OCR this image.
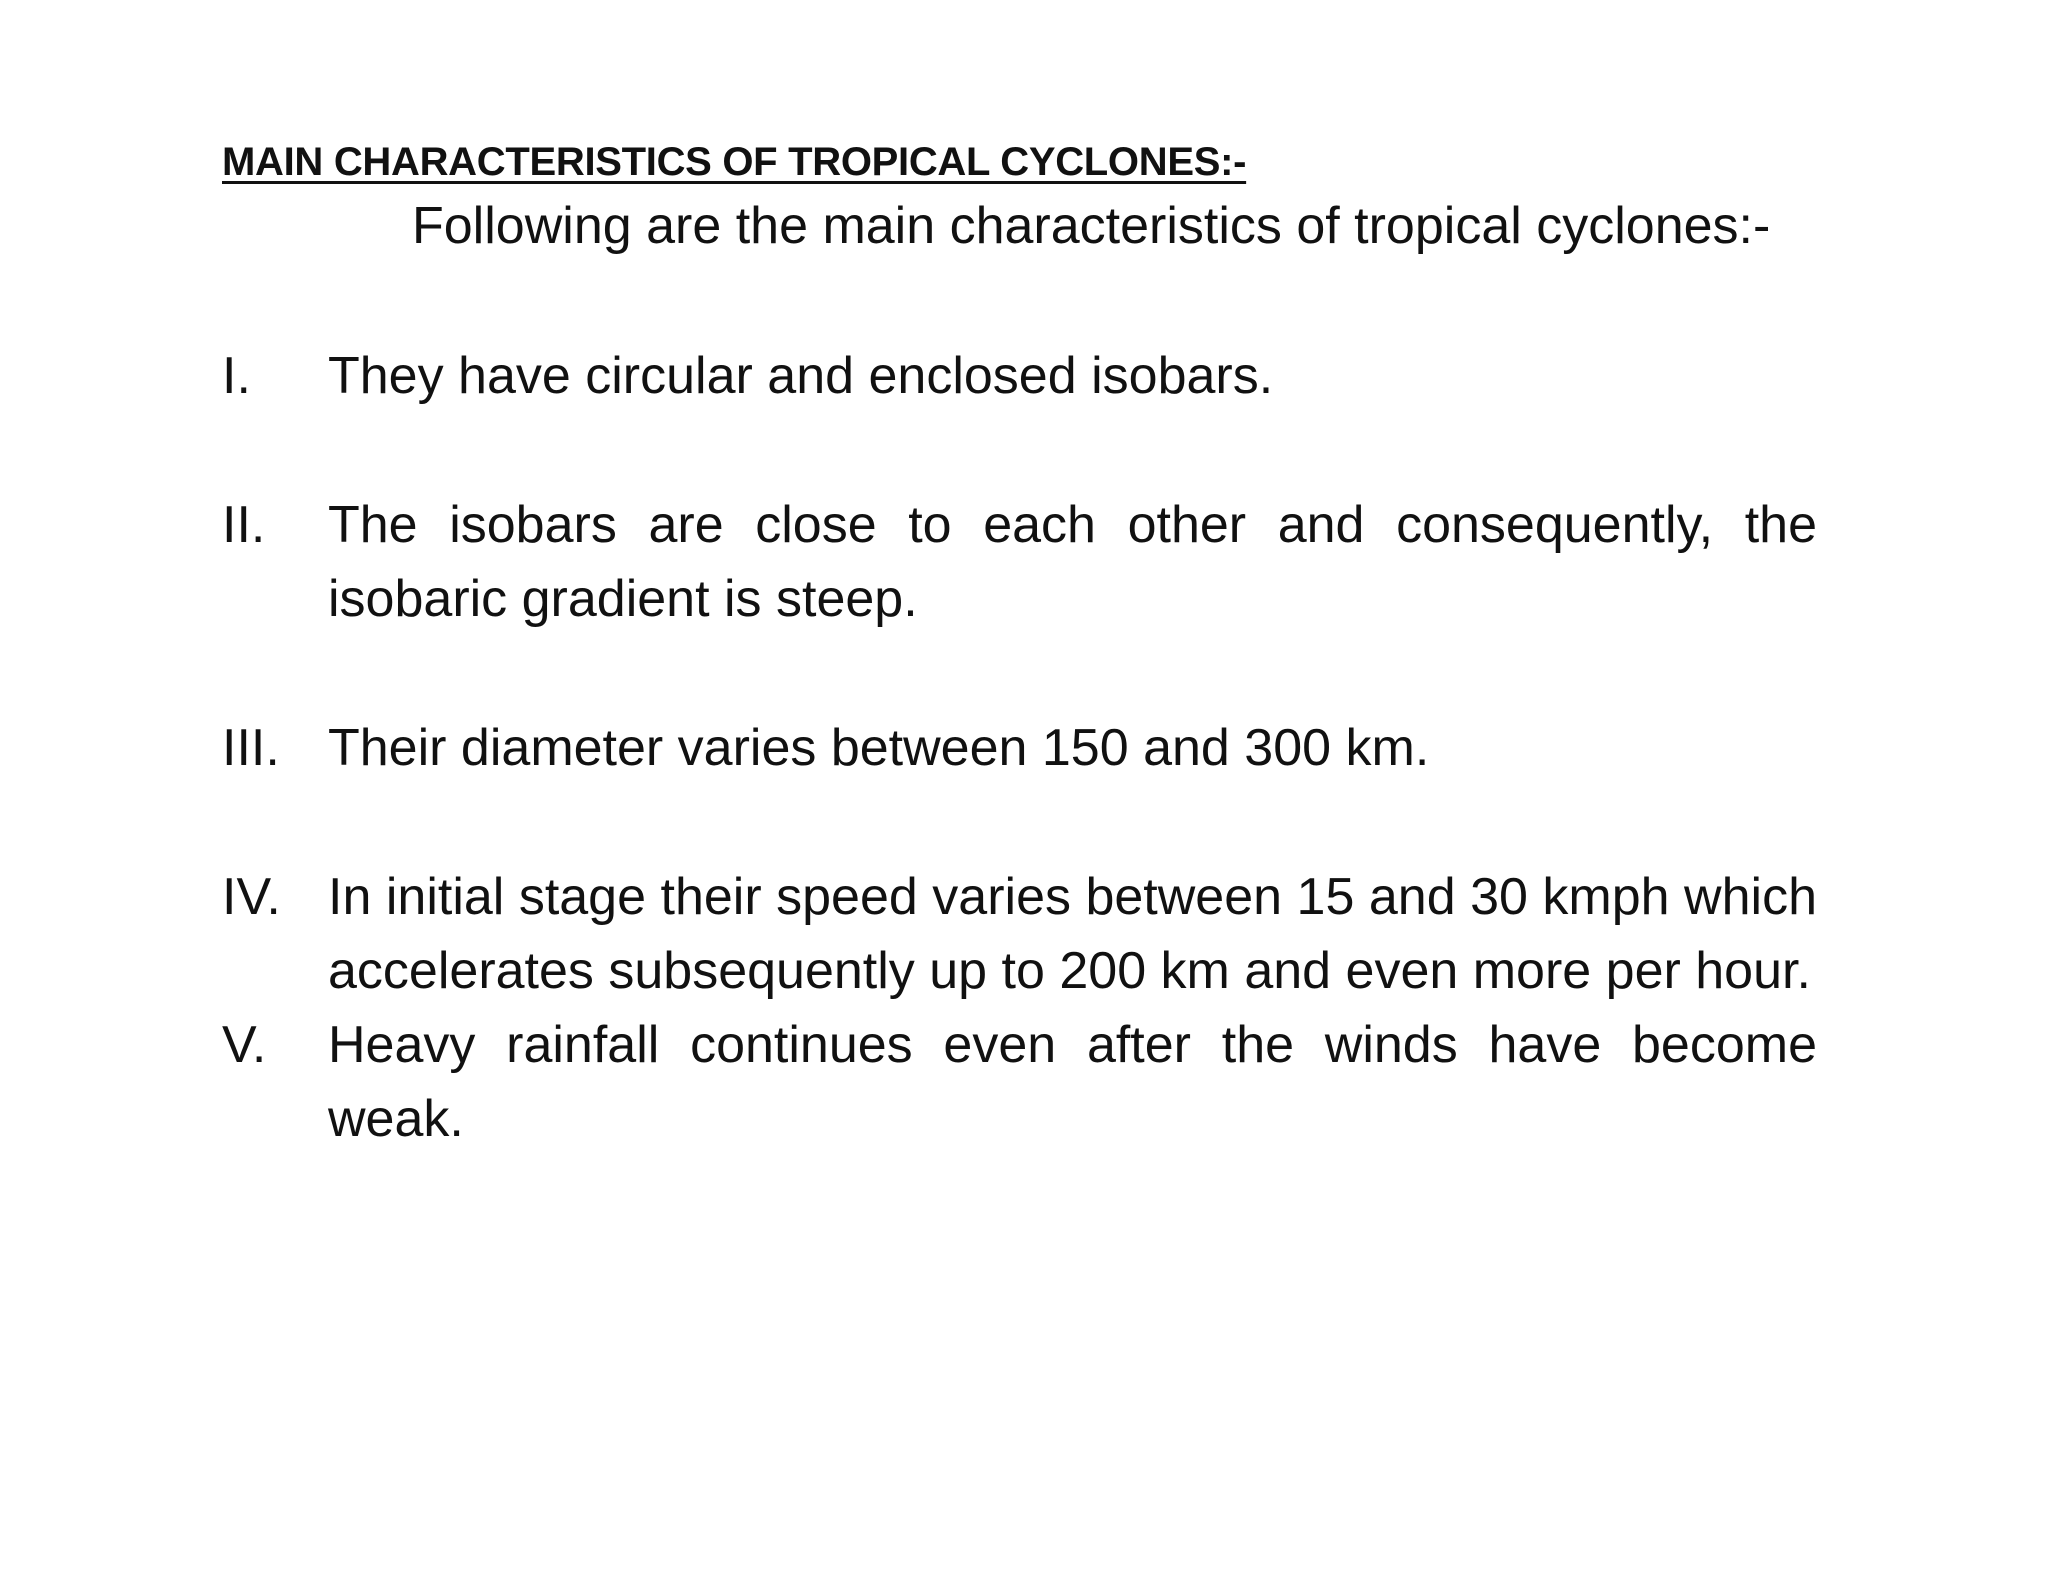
MAIN CHARACTERISTICS OF TROPICAL CYCLONES:-

Following are the main characteristics of tropical cyclones:-

I.	They have circular and enclosed isobars.
II.	The isobars are close to each other and consequently, the isobaric gradient is steep.
III. Their diameter varies between 150 and 300 km.
IV. In initial stage their speed varies between 15 and 30 kmph which accelerates subsequently up to 200 km and even more per hour.
V.	Heavy rainfall continues even after the winds have become weak.
